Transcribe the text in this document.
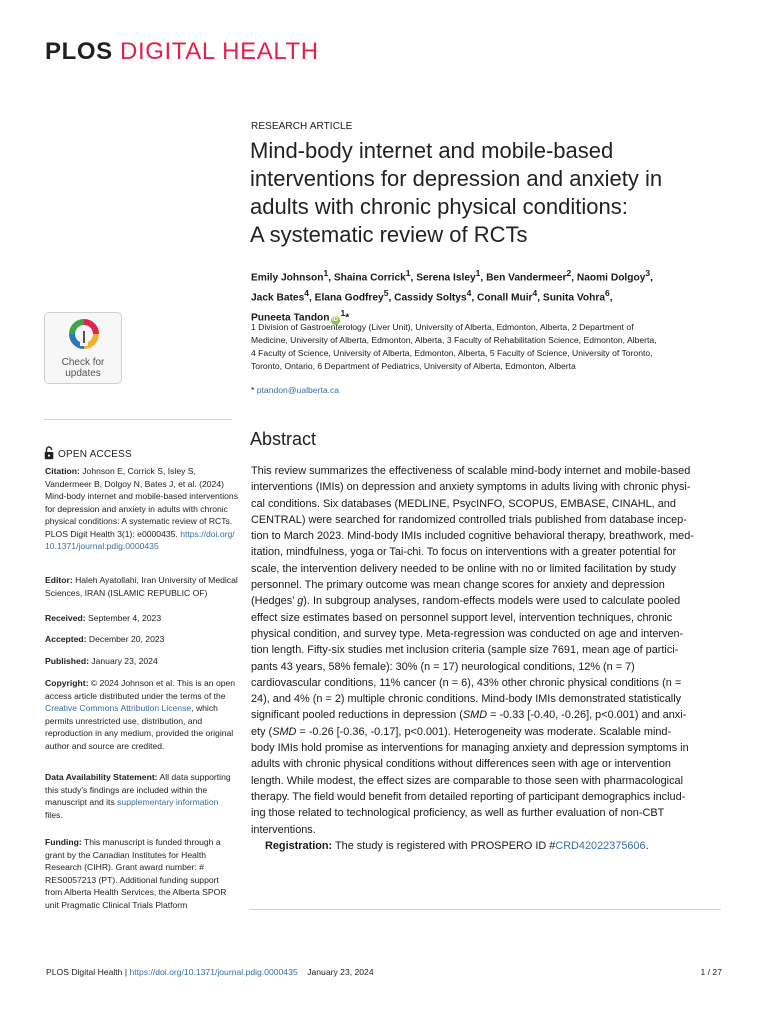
PLOS DIGITAL HEALTH
RESEARCH ARTICLE
Mind-body internet and mobile-based
interventions for depression and anxiety in
adults with chronic physical conditions:
A systematic review of RCTs
Emily Johnson$^1$, Shaina Corrick$^1$, Serena Isley$^1$, Ben Vandermeer$^2$, Naomi Dolgoy$^3$,
Jack Bates$^4$, Elana Godfrey$^5$, Cassidy Soltys$^4$, Conall Muir$^4$, Sunita Vohra$^6$,
Puneeta Tandon $iD^1*$
1 Division of Gastroenterology (Liver Unit), University of Alberta, Edmonton, Alberta, 2 Department of
Medicine, University of Alberta, Edmonton, Alberta, 3 Faculty of Rehabilitation Science, Edmonton, Alberta,
4 Faculty of Science, University of Alberta, Edmonton, Alberta, 5 Faculty of Science, University of Toronto,
Toronto, Ontario, 6 Department of Pediatrics, University of Alberta, Edmonton, Alberta
* ptandon@ualberta.ca
Check for
updates
OPEN ACCESS
Citation: Johnson E, Corrick S, Isley S,
Vandermeer B, Dolgoy N, Bates J, et al. (2024)
Mind-body internet and mobile-based interventions
for depression and anxiety in adults with chronic
physical conditions: A systematic review of RCTs.
PLOS Digit Health 3(1): e0000435. https://doi.org/
10.1371/journal.pdig.0000435
Editor: Haleh Ayatollahi, Iran University of Medical
Sciences, IRAN (ISLAMIC REPUBLIC OF)
Received: September 4, 2023
Accepted: December 20, 2023
Published: January 23, 2024
Copyright: © 2024 Johnson et al. This is an open
access article distributed under the terms of the
Creative Commons Attribution License, which
permits unrestricted use, distribution, and
reproduction in any medium, provided the original
author and source are credited.
Data Availability Statement: All data supporting
this study’s findings are included within the
manuscript and its supplementary information
files.
Funding: This manuscript is funded through a
grant by the Canadian Institutes for Health
Research (CIHR). Grant award number: #
RES0057213 (PT). Additional funding support
from Alberta Health Services, the Alberta SPOR
unit Pragmatic Clinical Trials Platform
Abstract
This review summarizes the effectiveness of scalable mind-body internet and mobile-based
interventions (IMIs) on depression and anxiety symptoms in adults living with chronic physi-
cal conditions. Six databases (MEDLINE, PsycINFO, SCOPUS, EMBASE, CINAHL, and
CENTRAL) were searched for randomized controlled trials published from database incep-
tion to March 2023. Mind-body IMIs included cognitive behavioral therapy, breathwork, med-
itation, mindfulness, yoga or Tai-chi. To focus on interventions with a greater potential for
scale, the intervention delivery needed to be online with no or limited facilitation by study
personnel. The primary outcome was mean change scores for anxiety and depression
(Hedges’ g). In subgroup analyses, random-effects models were used to calculate pooled
effect size estimates based on personnel support level, intervention techniques, chronic
physical condition, and survey type. Meta-regression was conducted on age and interven-
tion length. Fifty-six studies met inclusion criteria (sample size 7691, mean age of partici-
pants 43 years, 58% female): 30% (n = 17) neurological conditions, 12% (n = 7)
cardiovascular conditions, 11% cancer (n = 6), 43% other chronic physical conditions (n =
24), and 4% (n = 2) multiple chronic conditions. Mind-body IMIs demonstrated statistically
significant pooled reductions in depression (SMD = -0.33 [-0.40, -0.26], p<0.001) and anxi-
ety (SMD = -0.26 [-0.36, -0.17], p<0.001). Heterogeneity was moderate. Scalable mind-
body IMIs hold promise as interventions for managing anxiety and depression symptoms in
adults with chronic physical conditions without differences seen with age or intervention
length. While modest, the effect sizes are comparable to those seen with pharmacological
therapy. The field would benefit from detailed reporting of participant demographics includ-
ing those related to technological proficiency, as well as further evaluation of non-CBT
interventions.
Registration: The study is registered with PROSPERO ID #CRD42022375606.
PLOS Digital Health | https://doi.org/10.1371/journal.pdig.0000435 January 23, 2024	1 / 27
